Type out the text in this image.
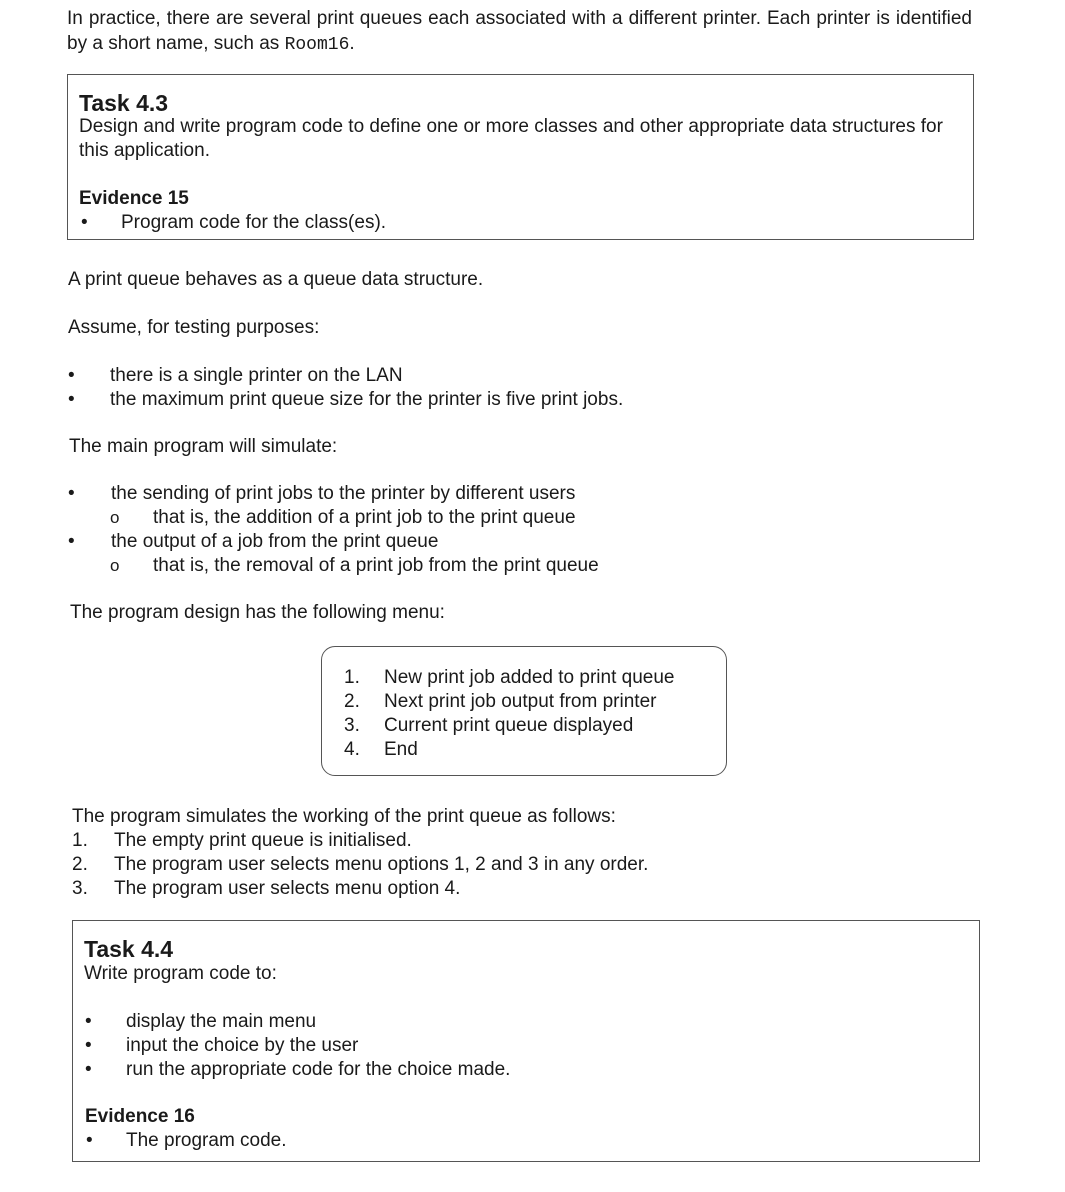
In practice, there are several print queues each associated with a different printer. Each printer is identified by a short name, such as Room16.
Task 4.3
Design and write program code to define one or more classes and other appropriate data structures for this application.
Evidence 15
• Program code for the class(es).
A print queue behaves as a queue data structure.
Assume, for testing purposes:
• there is a single printer on the LAN
• the maximum print queue size for the printer is five print jobs.
The main program will simulate:
• the sending of print jobs to the printer by different users
o that is, the addition of a print job to the print queue
• the output of a job from the print queue
o that is, the removal of a print job from the print queue
The program design has the following menu:
1. New print job added to print queue
2. Next print job output from printer
3. Current print queue displayed
4. End
The program simulates the working of the print queue as follows:
1. The empty print queue is initialised.
2. The program user selects menu options 1, 2 and 3 in any order.
3. The program user selects menu option 4.
Task 4.4
Write program code to:
• display the main menu
• input the choice by the user
• run the appropriate code for the choice made.
Evidence 16
• The program code.
